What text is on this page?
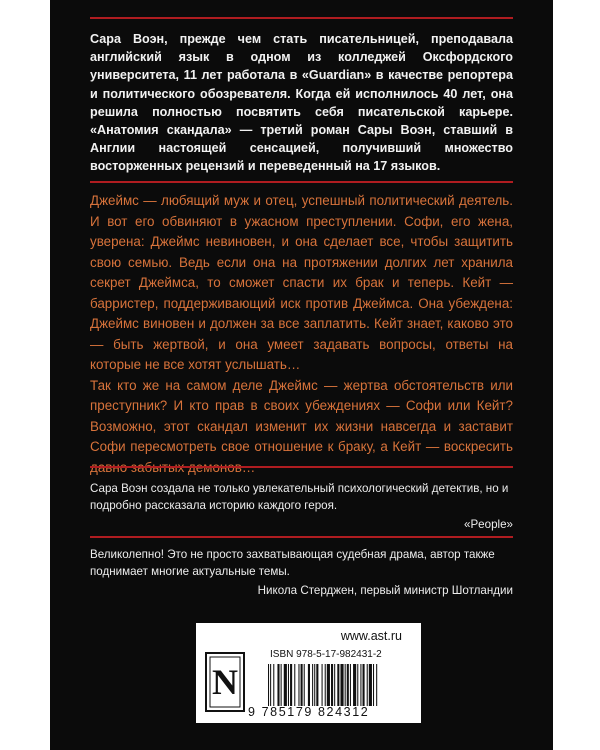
Сара Воэн, прежде чем стать писательницей, преподавала английский язык в одном из колледжей Оксфордского университета, 11 лет работала в «Guardian» в качестве репортера и политического обозревателя. Когда ей исполнилось 40 лет, она решила полностью посвятить себя писательской карьере. «Анатомия скандала» — третий роман Сары Воэн, ставший в Англии настоящей сенсацией, получивший множество восторженных рецензий и переведенный на 17 языков.

Джеймс — любящий муж и отец, успешный политический деятель. И вот его обвиняют в ужасном преступлении. Софи, его жена, уверена: Джеймс невиновен, и она сделает все, чтобы защитить свою семью. Ведь если она на протяжении долгих лет хранила секрет Джеймса, то сможет спасти их брак и теперь. Кейт — барристер, поддерживающий иск против Джеймса. Она убеждена: Джеймс виновен и должен за все заплатить. Кейт знает, каково это — быть жертвой, и она умеет задавать вопросы, ответы на которые не все хотят услышать…

Так кто же на самом деле Джеймс — жертва обстоятельств или преступник? И кто прав в своих убеждениях — Софи или Кейт? Возможно, этот скандал изменит их жизни навсегда и заставит Софи пересмотреть свое отношение к браку, а Кейт — воскресить

Сара Воэн создала не только увлекательный психологический детектив, но и подробно рассказала историю каждого героя.
«People»
Великолепно! Это не просто захватывающая судебная драма, автор также поднимает многие актуальные темы.
Никола Стерджен, первый министр Шотландии

www.ast.ru

N

ISBN 978-5-17-982431-2

9 785179 824312
